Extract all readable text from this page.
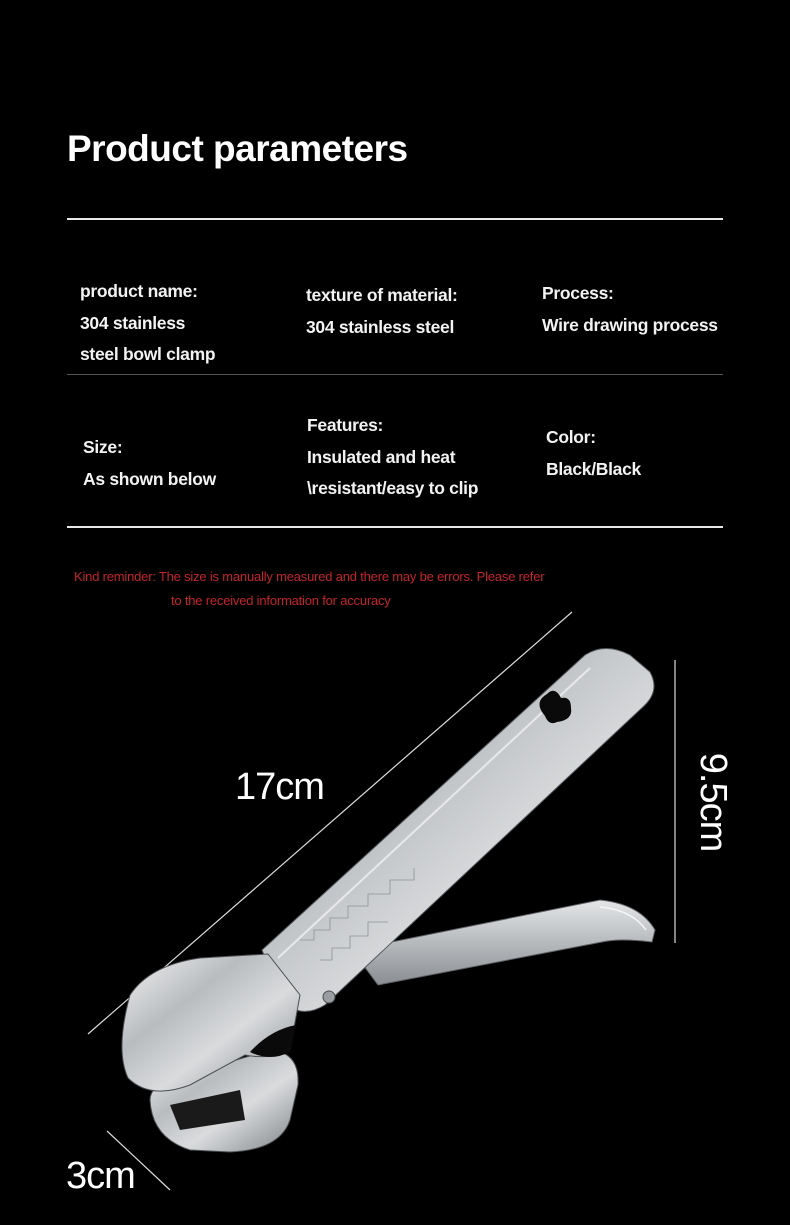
Product parameters
product name:
304 stainless
steel bowl clamp
texture of material:
304 stainless steel
Process:
Wire drawing process
Size:
As shown below
Features:
Insulated and heat
\resistant/easy to clip
Color:
Black/Black
Kind reminder: The size is manually measured and there may be errors. Please refer
to the received information for accuracy
17cm	9.5cm
3cm
